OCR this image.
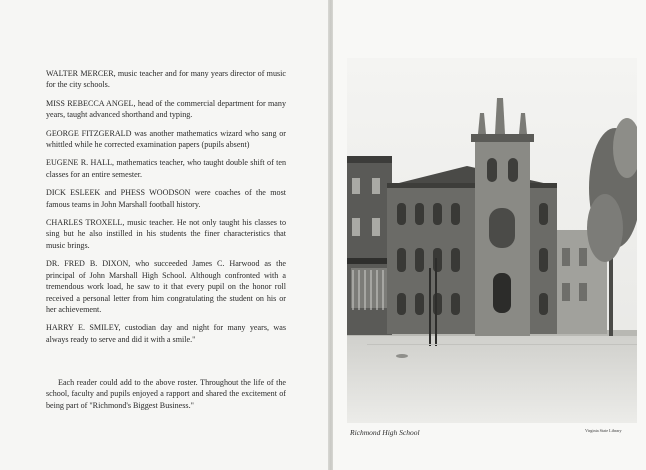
WALTER MERCER, music teacher and for many years director of music for the city schools.
MISS REBECCA ANGEL, head of the commercial department for many years, taught advanced shorthand and typing.
GEORGE FITZGERALD was another mathematics wizard who sang or whittled while he corrected examination papers (pupils absent)
EUGENE R. HALL, mathematics teacher, who taught double shift of ten classes for an entire semester.
DICK ESLEEK and PHESS WOODSON were coaches of the most famous teams in John Marshall football history.
CHARLES TROXELL, music teacher. He not only taught his classes to sing but he also instilled in his students the finer characteristics that music brings.
DR. FRED B. DIXON, who succeeded James C. Harwood as the principal of John Marshall High School. Although confronted with a tremendous work load, he saw to it that every pupil on the honor roll received a personal letter from him congratulating the student on his or her achievement.
HARRY E. SMILEY, custodian day and night for many years, was always ready to serve and did it with a smile."

Each reader could add to the above roster. Throughout the life of the school, faculty and pupils enjoyed a rapport and shared the excitement of being part of "Richmond's Biggest Business."

Richmond High School	Virginia State Library
